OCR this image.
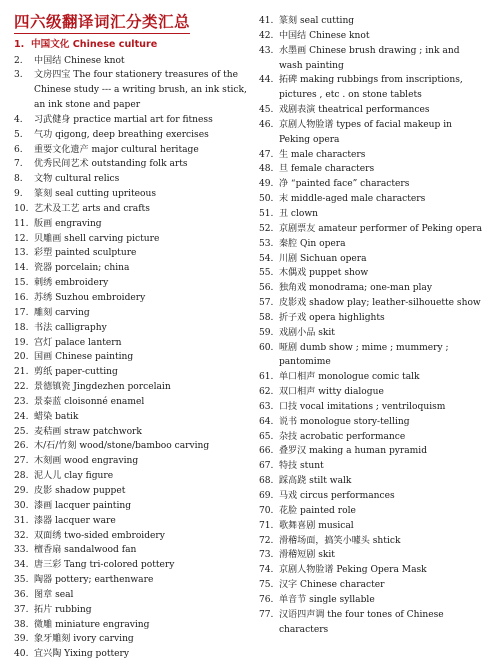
四六级翻译词汇分类汇总
1. 中国文化 Chinese culture
2.	中国结 Chinese knot
3.	文房四宝 The four stationery treasures of the Chinese study --- a writing brush, an ink stick, an ink stone and paper
4.	习武健身 practice martial art for fitness
5.	气功 qigong, deep breathing exercises
6.	重要文化遗产 major cultural heritage
7.	优秀民间艺术 outstanding folk arts
8.	文物 cultural relics
9.	篆刻 seal cutting upriteous
10. 艺术及工艺 arts and crafts
11. 版画 engraving
12. 贝雕画 shell carving picture
13. 彩塑 painted sculpture
14. 瓷器 porcelain; china
15. 刺绣 embroidery
16. 苏绣 Suzhou embroidery
17. 雕刻 carving
18. 书法 calligraphy
19. 宫灯 palace lantern
20. 国画 Chinese painting
21. 剪纸 paper-cutting
22. 景德镇瓷 Jingdezhen porcelain
23. 景泰蓝 cloisonné enamel
24. 蜡染 batik
25. 麦秸画 straw patchwork
26. 木/石/竹刻 wood/stone/bamboo carving
27. 木刻画 wood engraving
28. 泥人儿 clay figure
29. 皮影 shadow puppet
30. 漆画 lacquer painting
31. 漆器 lacquer ware
32. 双面绣 two-sided embroidery
33. 檀香扇 sandalwood fan
34. 唐三彩 Tang tri-colored pottery
35. 陶器 pottery; earthenware
36. 图章 seal
37. 拓片 rubbing
38. 微雕 miniature engraving
39. 象牙雕刻 ivory carving
40. 宜兴陶 Yixing pottery
41. 篆刻 seal cutting
42. 中国结 Chinese knot
43. 水墨画 Chinese brush drawing ; ink and wash painting
44. 拓碑 making rubbings from inscriptions, pictures , etc . on stone tablets
45. 戏剧表演 theatrical performances
46. 京剧人物脸谱 types of facial makeup in Peking opera
47. 生 male characters
48. 旦 female characters
49. 净 “painted face” characters
50. 末 middle-aged male characters
51. 丑 clown
52. 京剧票友 amateur performer of Peking opera
53. 秦腔 Qin opera
54. 川剧 Sichuan opera
55. 木偶戏 puppet show
56. 独角戏 monodrama; one-man play
57. 皮影戏 shadow play; leather-silhouette show
58. 折子戏 opera highlights
59. 戏剧小品 skit
60. 哑剧 dumb show ; mime ; mummery ; pantomime
61. 单口相声 monologue comic talk
62. 双口相声 witty dialogue
63. 口技 vocal imitations ; ventriloquism
64. 说书 monologue story-telling
65. 杂技 acrobatic performance
66. 叠罗汉 making a human pyramid
67. 特技 stunt
68. 踩高跷 stilt walk
69. 马戏 circus performances
70. 花脸 painted role
71. 歌舞喜剧 musical
72. 滑稽场面，搞笑小噱头 shtick
73. 滑稽短剧 skit
74. 京剧人物脸谱 Peking Opera Mask
75. 汉字 Chinese character
76. 单音节 single syllable
77. 汉语四声调 the four tones of Chinese characters
